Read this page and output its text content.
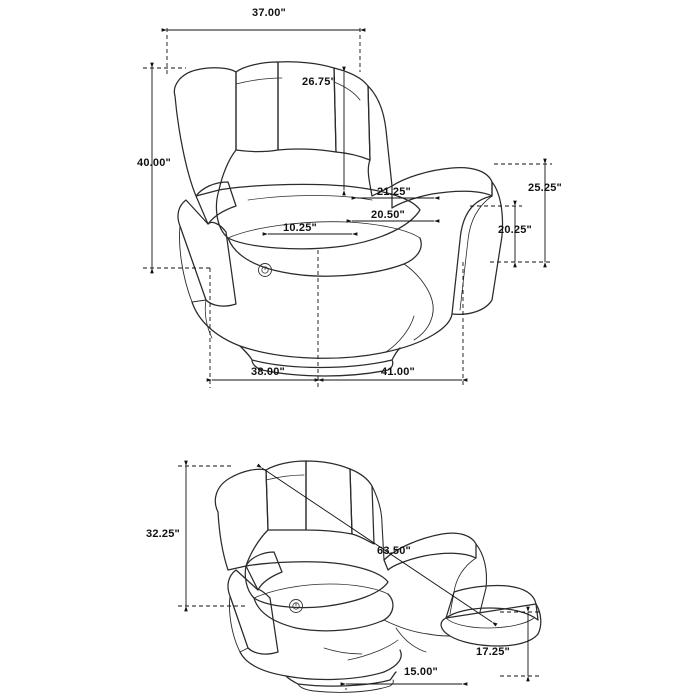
37.00"
26.75"
40.00"
21.25"
20.50"
10.25"
25.25"
20.25"
38.00"	41.00"
32.25"
63.50"
17.25"
15.00"
